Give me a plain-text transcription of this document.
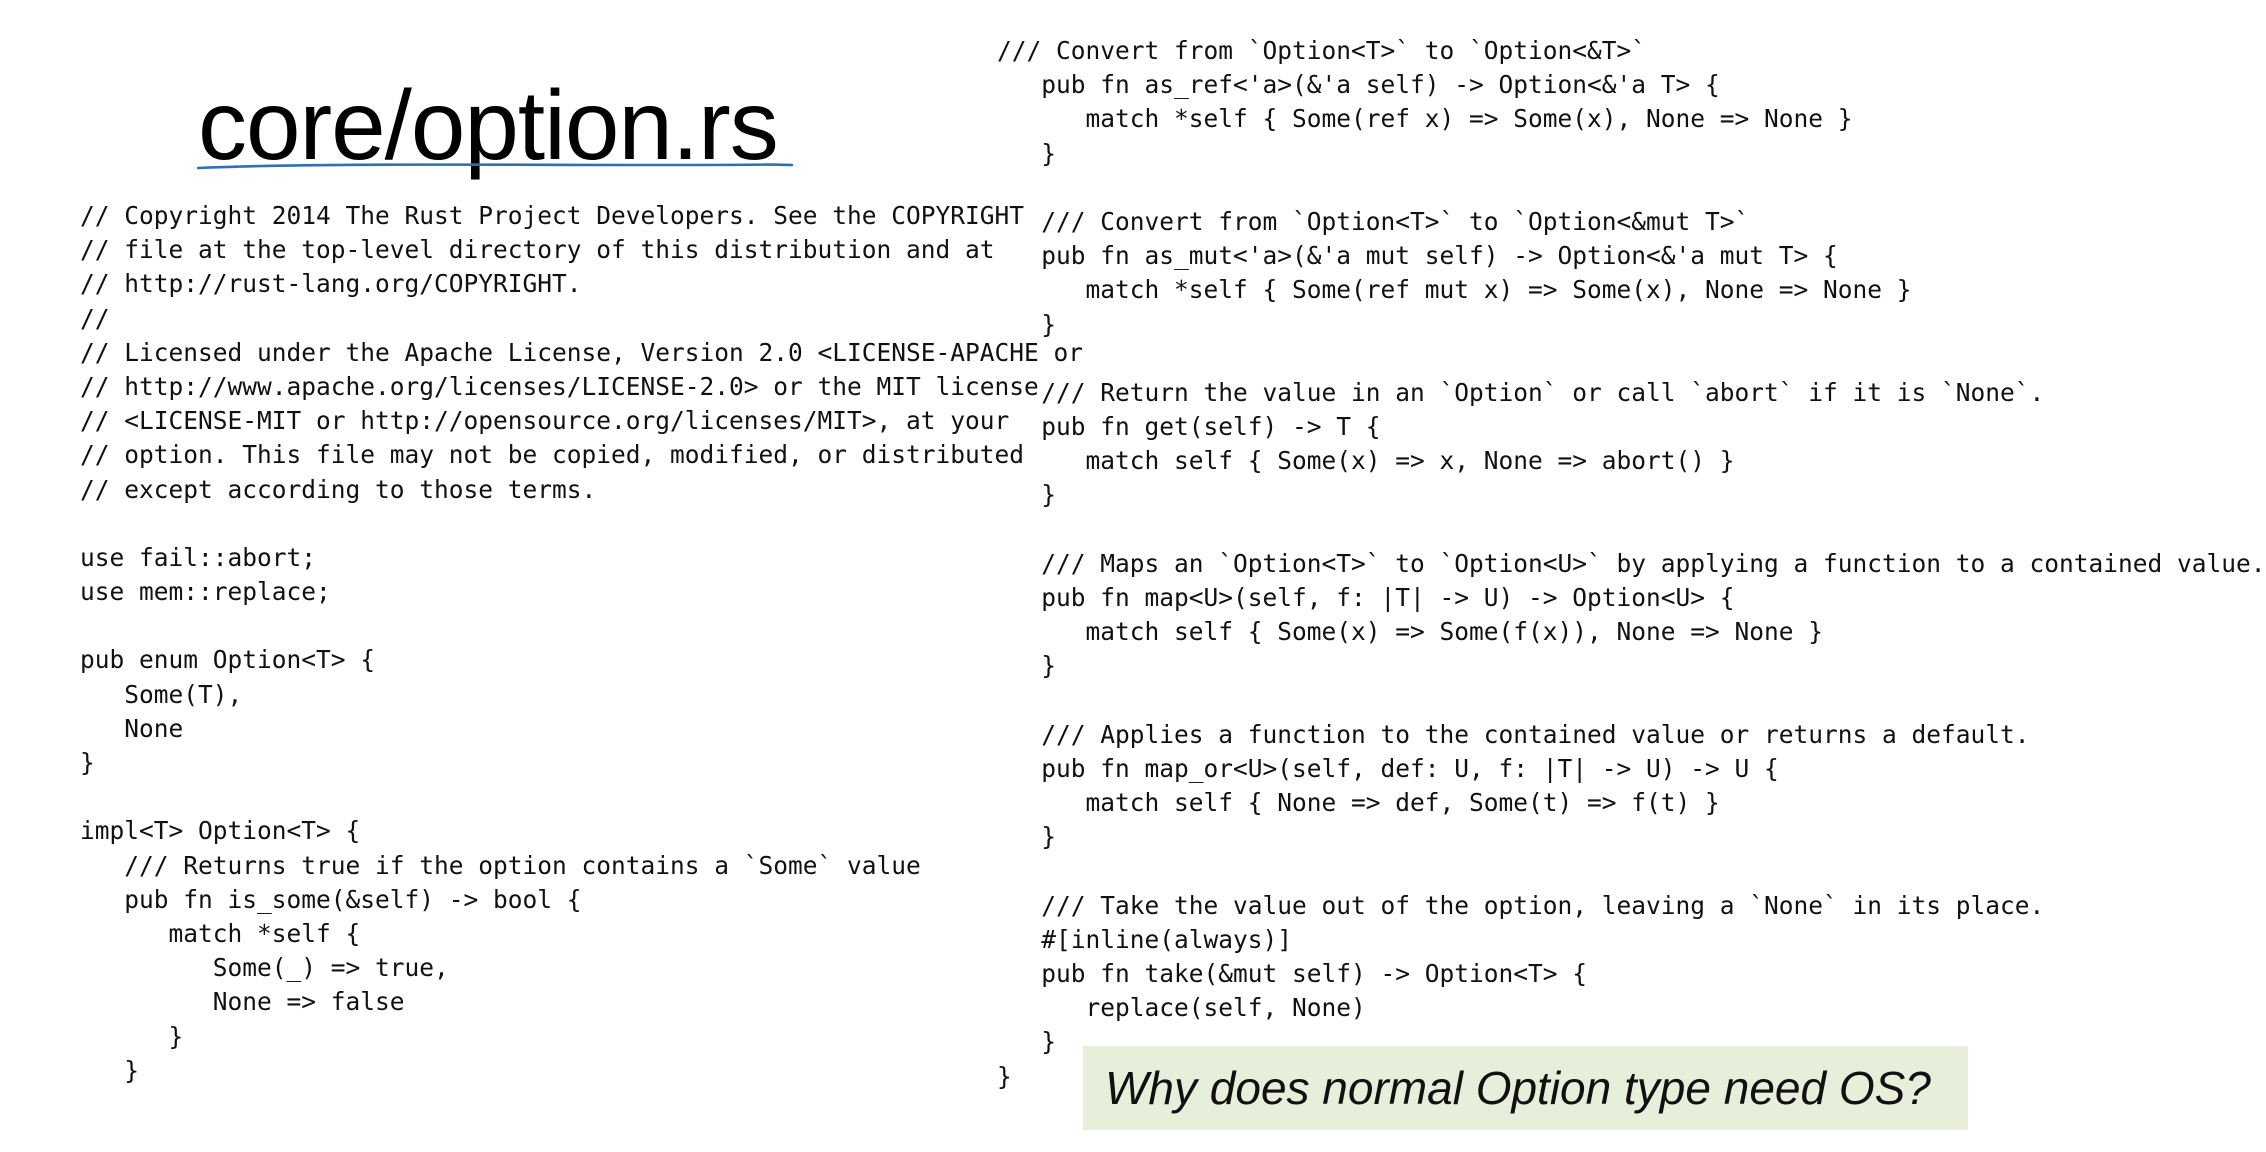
core/option.rs
// Copyright 2014 The Rust Project Developers. See the COPYRIGHT
// file at the top-level directory of this distribution and at
// http://rust-lang.org/COPYRIGHT.
//
// Licensed under the Apache License, Version 2.0 <LICENSE-APACHE or
// http://www.apache.org/licenses/LICENSE-2.0> or the MIT license
// <LICENSE-MIT or http://opensource.org/licenses/MIT>, at your
// option. This file may not be copied, modified, or distributed
// except according to those terms.
use fail::abort;
use mem::replace;
pub enum Option<T> {
Some(T),
None
}
impl<T> Option<T> {
/// Returns true if the option contains a `Some` value
pub fn is_some(&self) -> bool {
match *self {
Some(_) => true,
None => false
}
}
/// Convert from `Option<T>` to `Option<&T>`
pub fn as_ref<'a>(&'a self) -> Option<&'a T> {
match *self { Some(ref x) => Some(x), None => None }
}
/// Convert from `Option<T>` to `Option<&mut T>`
pub fn as_mut<'a>(&'a mut self) -> Option<&'a mut T> {
match *self { Some(ref mut x) => Some(x), None => None }
}
/// Return the value in an `Option` or call `abort` if it is `None`.
pub fn get(self) -> T {
match self { Some(x) => x, None => abort() }
}
/// Maps an `Option<T>` to `Option<U>` by applying a function to a contained value.
pub fn map<U>(self, f: |T| -> U) -> Option<U> {
match self { Some(x) => Some(f(x)), None => None }
}
/// Applies a function to the contained value or returns a default.
pub fn map_or<U>(self, def: U, f: |T| -> U) -> U {
match self { None => def, Some(t) => f(t) }
}
/// Take the value out of the option, leaving a `None` in its place.
#[inline(always)]
pub fn take(&mut self) -> Option<T> {
replace(self, None)
}
}	Why does normal Option type need OS?
